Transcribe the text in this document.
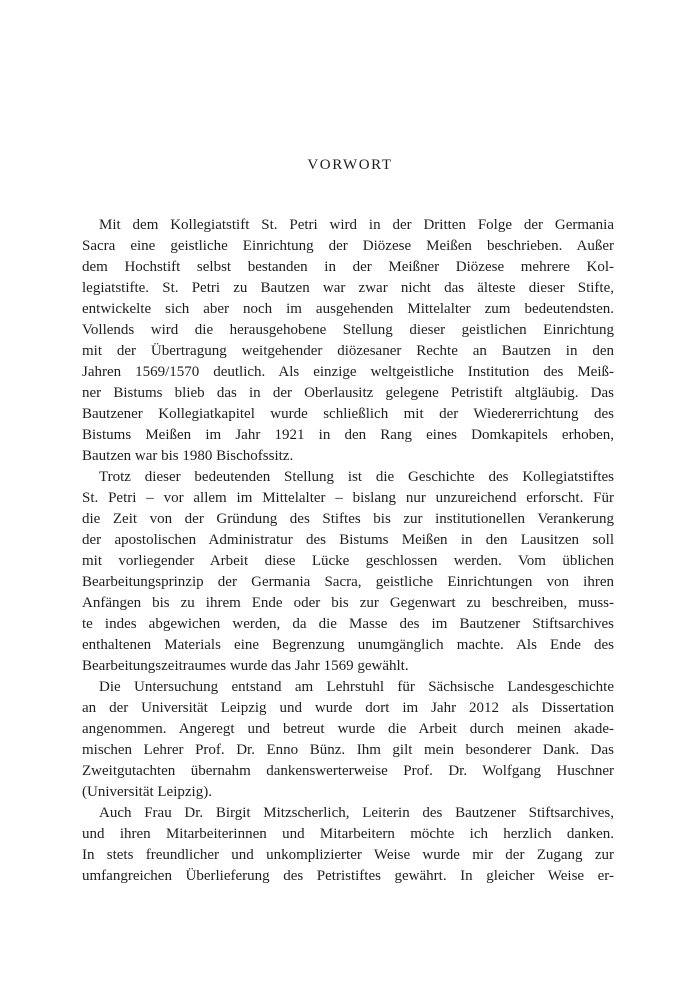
VORWORT
Mit dem Kollegiatstift St. Petri wird in der Dritten Folge der Germania
Sacra eine geistliche Einrichtung der Diözese Meißen beschrieben. Außer
dem Hochstift selbst bestanden in der Meißner Diözese mehrere Kol-
legiatstifte. St. Petri zu Bautzen war zwar nicht das älteste dieser Stifte,
entwickelte sich aber noch im ausgehenden Mittelalter zum bedeutendsten.
Vollends wird die herausgehobene Stellung dieser geistlichen Einrichtung
mit der Übertragung weitgehender diözesaner Rechte an Bautzen in den
Jahren 1569/1570 deutlich. Als einzige weltgeistliche Institution des Meiß-
ner Bistums blieb das in der Oberlausitz gelegene Petristift altgläubig. Das
Bautzener Kollegiatkapitel wurde schließlich mit der Wiedererrichtung des
Bistums Meißen im Jahr 1921 in den Rang eines Domkapitels erhoben,
Bautzen war bis 1980 Bischofssitz.
Trotz dieser bedeutenden Stellung ist die Geschichte des Kollegiatstiftes
St. Petri – vor allem im Mittelalter – bislang nur unzureichend erforscht. Für
die Zeit von der Gründung des Stiftes bis zur institutionellen Verankerung
der apostolischen Administratur des Bistums Meißen in den Lausitzen soll
mit vorliegender Arbeit diese Lücke geschlossen werden. Vom üblichen
Bearbeitungsprinzip der Germania Sacra, geistliche Einrichtungen von ihren
Anfängen bis zu ihrem Ende oder bis zur Gegenwart zu beschreiben, muss-
te indes abgewichen werden, da die Masse des im Bautzener Stiftsarchives
enthaltenen Materials eine Begrenzung unumgänglich machte. Als Ende des
Bearbeitungszeitraumes wurde das Jahr 1569 gewählt.
Die Untersuchung entstand am Lehrstuhl für Sächsische Landesgeschichte
an der Universität Leipzig und wurde dort im Jahr 2012 als Dissertation
angenommen. Angeregt und betreut wurde die Arbeit durch meinen akade-
mischen Lehrer Prof. Dr. Enno Bünz. Ihm gilt mein besonderer Dank. Das
Zweitgutachten übernahm dankenswerterweise Prof. Dr. Wolfgang Huschner
(Universität Leipzig).
Auch Frau Dr. Birgit Mitzscherlich, Leiterin des Bautzener Stiftsarchives,
und ihren Mitarbeiterinnen und Mitarbeitern möchte ich herzlich danken.
In stets freundlicher und unkomplizierter Weise wurde mir der Zugang zur
umfangreichen Überlieferung des Petristiftes gewährt. In gleicher Weise er-
